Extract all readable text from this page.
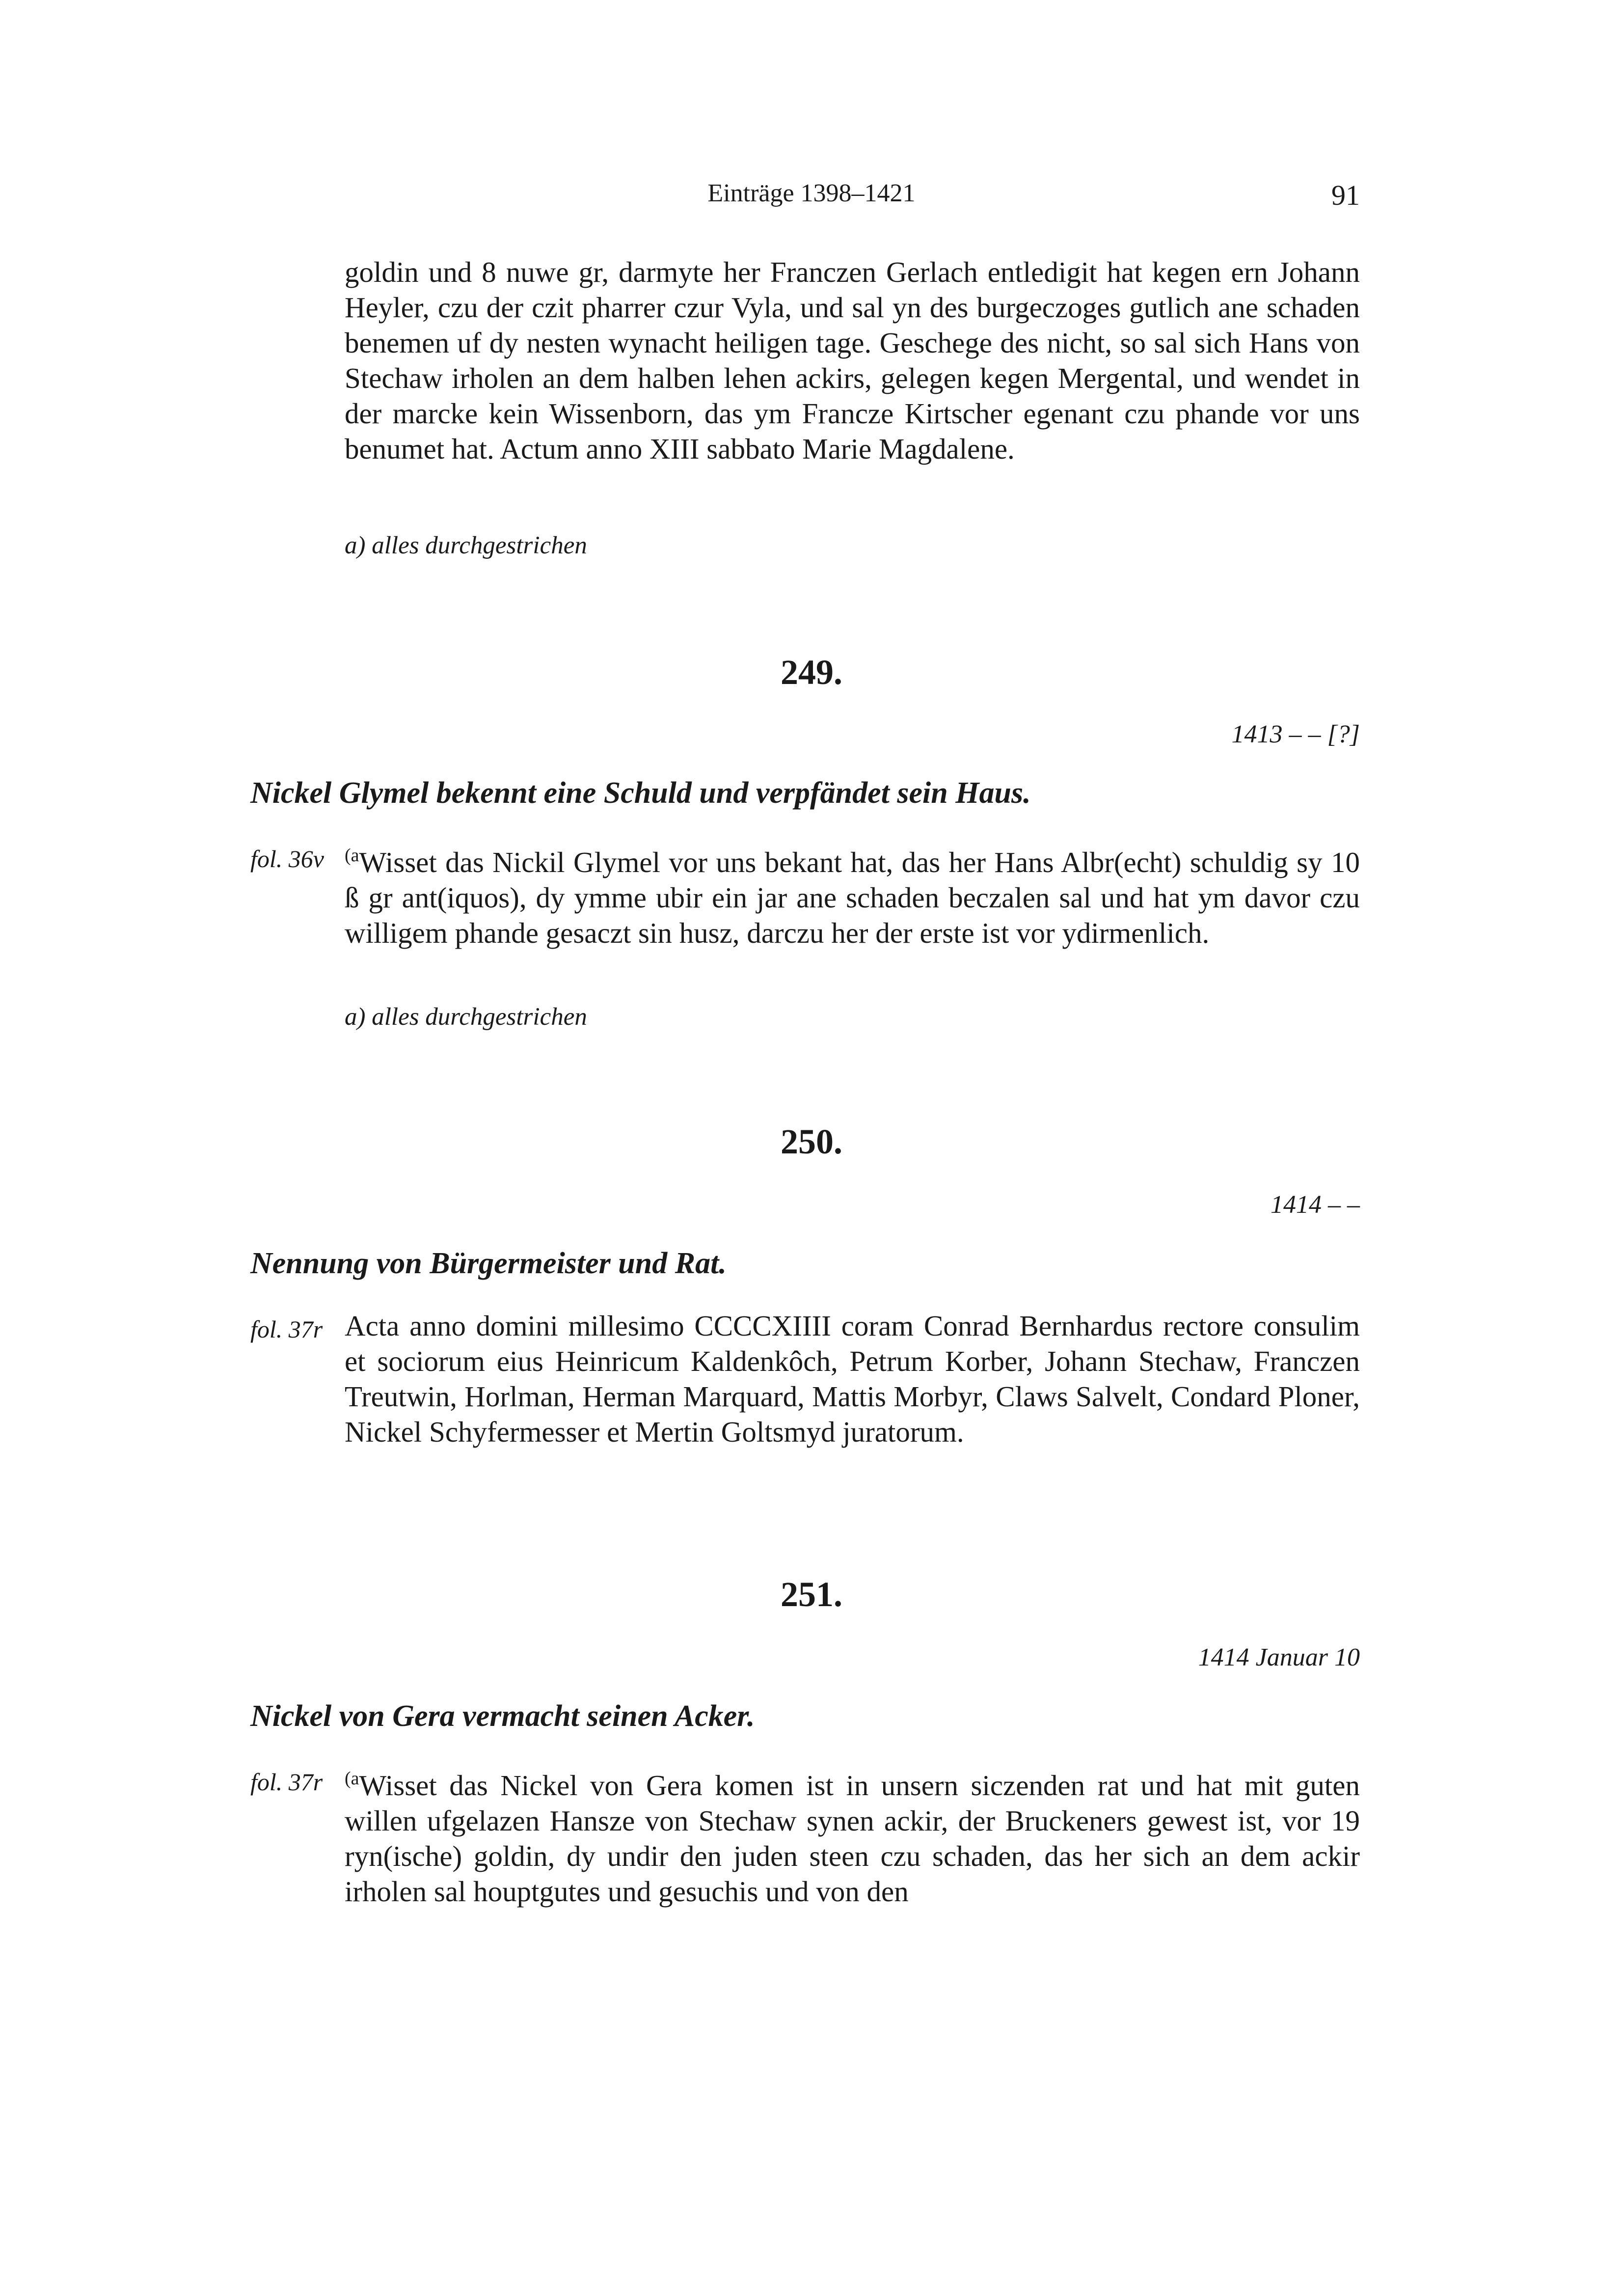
Einträge 1398–1421	91
goldin und 8 nuwe gr, darmyte her Franczen Gerlach entledigit hat kegen ern Johann Heyler, czu der czit pharrer czur Vyla, und sal yn des burgeczoges gutlich ane schaden benemen uf dy nesten wynacht heiligen tage. Geschege des nicht, so sal sich Hans von Stechaw irholen an dem halben lehen ackirs, gelegen kegen Mergental, und wendet in der marcke kein Wissenborn, das ym Francze Kirtscher egenant czu phande vor uns benumet hat. Actum anno XIII sabbato Marie Magdalene.
a) alles durchgestrichen
249.
1413 – – [?]
Nickel Glymel bekennt eine Schuld und verpfändet sein Haus.
fol. 36v $^{(a}$Wisset das Nickil Glymel vor uns bekant hat, das her Hans Albr(echt) schuldig sy 10 ß gr ant(iquos), dy ymme ubir ein jar ane schaden beczalen sal und hat ym davor czu willigem phande gesaczt sin husz, darczu her der erste ist vor ydirmenlich.
a) alles durchgestrichen
250.
1414 – –
Nennung von Bürgermeister und Rat.
fol. 37r Acta anno domini millesimo CCCCXIIII coram Conrad Bernhardus rectore consulim et sociorum eius Heinricum Kaldenkôch, Petrum Korber, Johann Stechaw, Franczen Treutwin, Horlman, Herman Marquard, Mattis Morbyr, Claws Salvelt, Condard Ploner, Nickel Schyfermesser et Mertin Goltsmyd juratorum.
251.
1414 Januar 10
Nickel von Gera vermacht seinen Acker.
fol. 37r $^{(a}$Wisset das Nickel von Gera komen ist in unsern siczenden rat und hat mit guten willen ufgelazen Hansze von Stechaw synen ackir, der Bruckeners gewest ist, vor 19 ryn(ische) goldin, dy undir den juden steen czu schaden, das her sich an dem ackir irholen sal houptgutes und gesuchis und von den
